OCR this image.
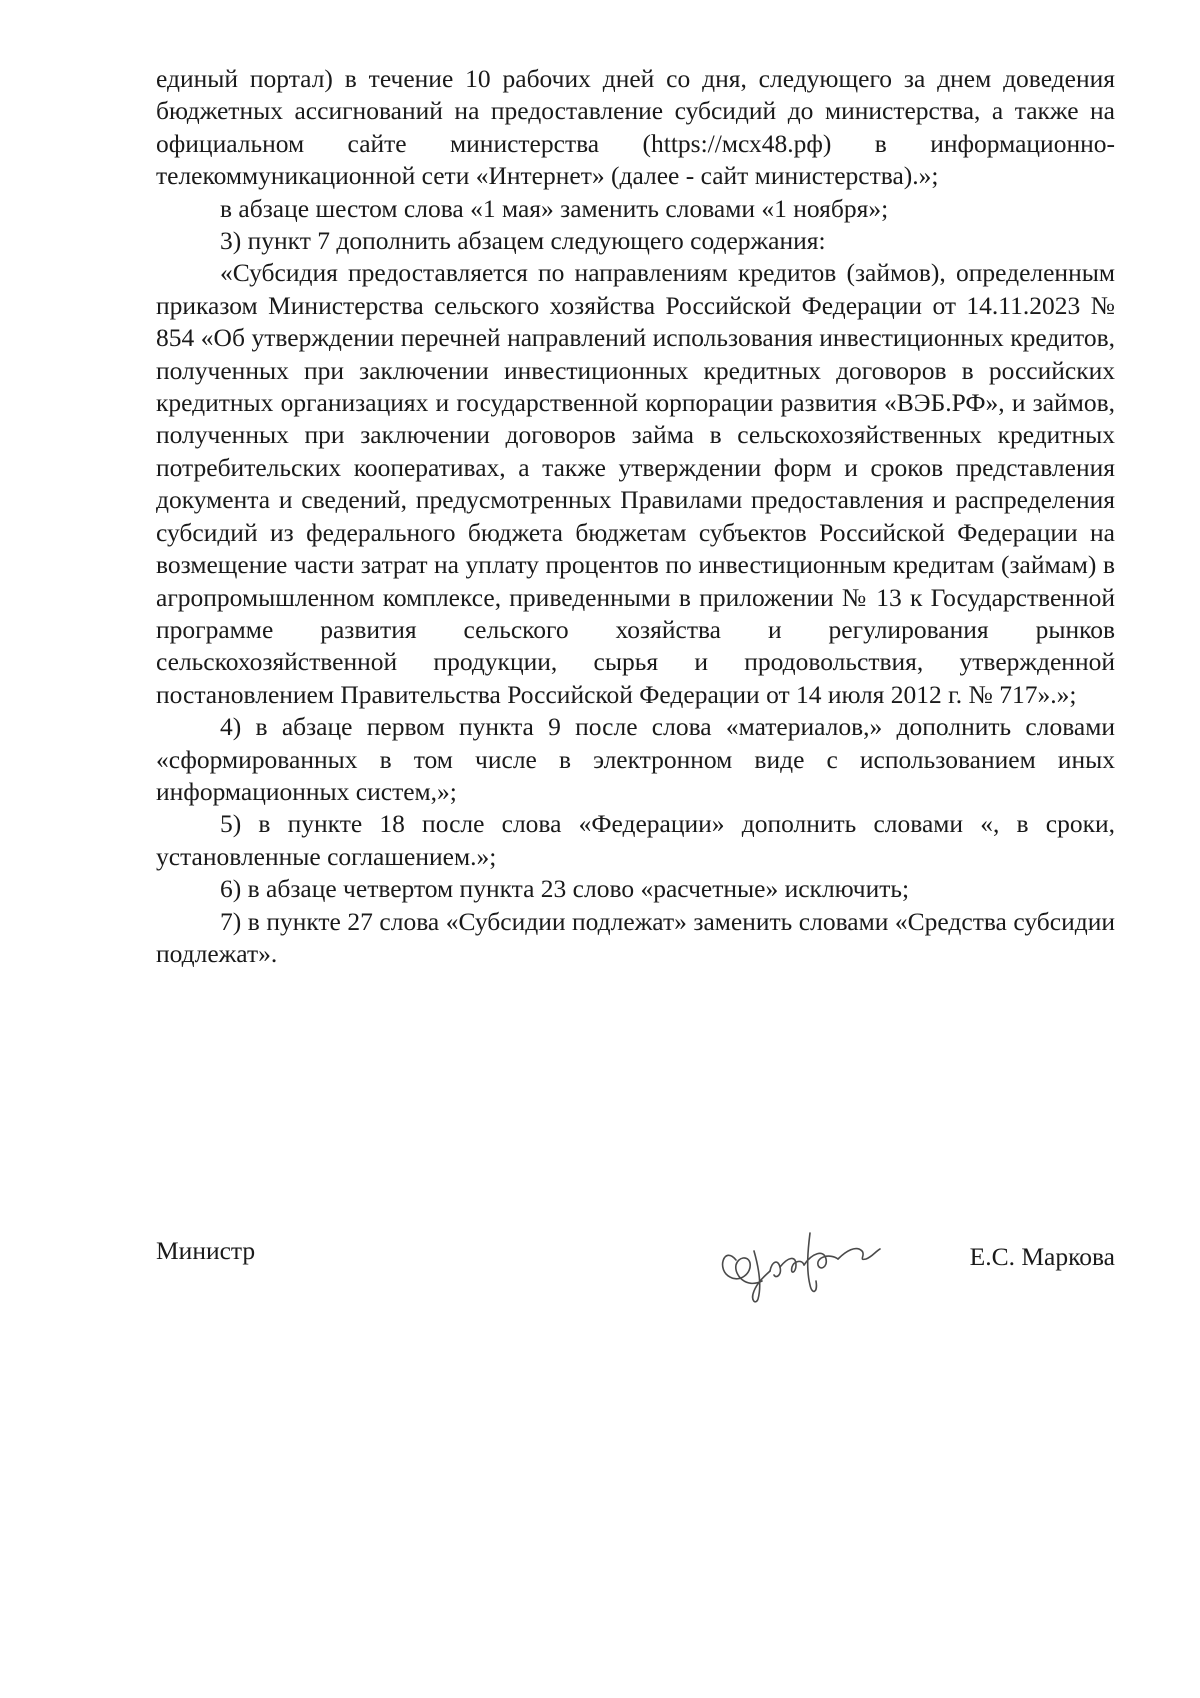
единый портал) в течение 10 рабочих дней со дня, следующего за днем доведения бюджетных ассигнований на предоставление субсидий до министерства, а также на официальном сайте министерства (https://мсх48.рф) в информационно-телекоммуникационной сети «Интернет» (далее - сайт министерства).»;

в абзаце шестом слова «1 мая» заменить словами «1 ноября»;

3) пункт 7 дополнить абзацем следующего содержания:

«Субсидия предоставляется по направлениям кредитов (займов), определенным приказом Министерства сельского хозяйства Российской Федерации от 14.11.2023 № 854 «Об утверждении перечней направлений использования инвестиционных кредитов, полученных при заключении инвестиционных кредитных договоров в российских кредитных организациях и государственной корпорации развития «ВЭБ.РФ», и займов, полученных при заключении договоров займа в сельскохозяйственных кредитных потребительских кооперативах, а также утверждении форм и сроков представления документа и сведений, предусмотренных Правилами предоставления и распределения субсидий из федерального бюджета бюджетам субъектов Российской Федерации на возмещение части затрат на уплату процентов по инвестиционным кредитам (займам) в агропромышленном комплексе, приведенными в приложении № 13 к Государственной программе развития сельского хозяйства и регулирования рынков сельскохозяйственной продукции, сырья и продовольствия, утвержденной постановлением Правительства Российской Федерации от 14 июля 2012 г. № 717».»;

4) в абзаце первом пункта 9 после слова «материалов,» дополнить словами «сформированных в том числе в электронном виде с использованием иных информационных систем,»;

5) в пункте 18 после слова «Федерации» дополнить словами «, в сроки, установленные соглашением.»;

6) в абзаце четвертом пункта 23 слово «расчетные» исключить;

7) в пункте 27 слова «Субсидии подлежат» заменить словами «Средства субсидии подлежат».

Министр	Е.С. Маркова
